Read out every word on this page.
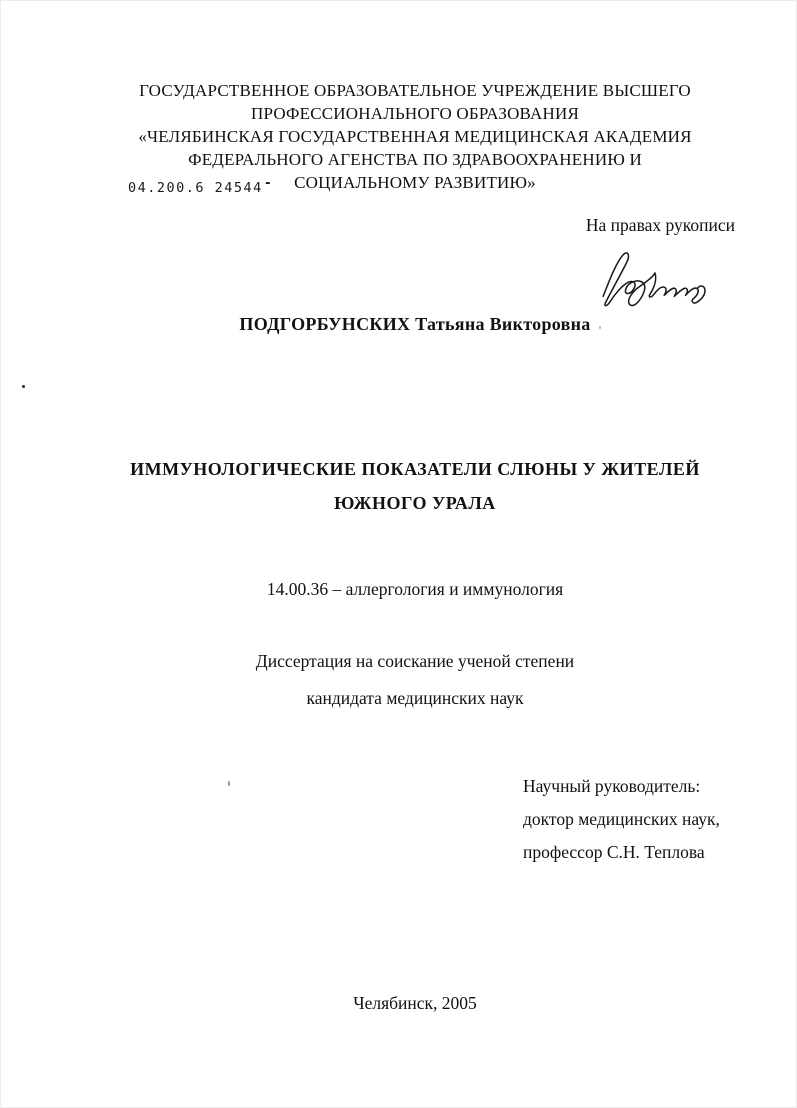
ГОСУДАРСТВЕННОЕ ОБРАЗОВАТЕЛЬНОЕ УЧРЕЖДЕНИЕ ВЫСШЕГО
ПРОФЕССИОНАЛЬНОГО ОБРАЗОВАНИЯ
«ЧЕЛЯБИНСКАЯ ГОСУДАРСТВЕННАЯ МЕДИЦИНСКАЯ АКАДЕМИЯ
ФЕДЕРАЛЬНОГО АГЕНСТВА ПО ЗДРАВООХРАНЕНИЮ И
СОЦИАЛЬНОМУ РАЗВИТИЮ»
04.200.6 24544-
На правах рукописи
ПОДГОРБУНСКИХ Татьяна Викторовна
ИММУНОЛОГИЧЕСКИЕ ПОКАЗАТЕЛИ СЛЮНЫ У ЖИТЕЛЕЙ
ЮЖНОГО УРАЛА
14.00.36 – аллергология и иммунология
Диссертация на соискание ученой степени
кандидата медицинских наук
Научный руководитель:
доктор медицинских наук,
профессор С.Н. Теплова
Челябинск, 2005
